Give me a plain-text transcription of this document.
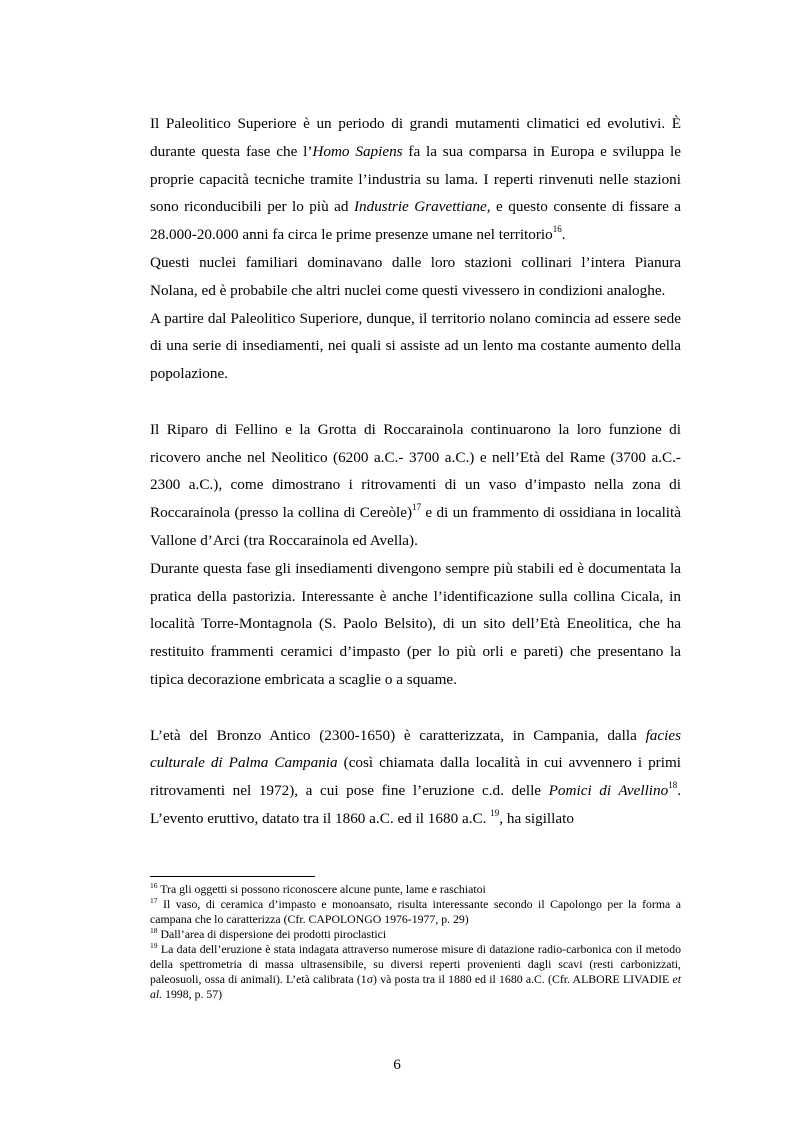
Il Paleolitico Superiore è un periodo di grandi mutamenti climatici ed evolutivi. È durante questa fase che l’Homo Sapiens fa la sua comparsa in Europa e sviluppa le proprie capacità tecniche tramite l’industria su lama. I reperti rinvenuti nelle stazioni sono riconducibili per lo più ad Industrie Gravettiane, e questo consente di fissare a 28.000-20.000 anni fa circa le prime presenze umane nel territorio$^{16}$.

Questi nuclei familiari dominavano dalle loro stazioni collinari l’intera Pianura Nolana, ed è probabile che altri nuclei come questi vivessero in condizioni analoghe.

A partire dal Paleolitico Superiore, dunque, il territorio nolano comincia ad essere sede di una serie di insediamenti, nei quali si assiste ad un lento ma costante aumento della popolazione.

Il Riparo di Fellino e la Grotta di Roccarainola continuarono la loro funzione di ricovero anche nel Neolitico (6200 a.C.- 3700 a.C.) e nell’Età del Rame (3700 a.C.- 2300 a.C.), come dimostrano i ritrovamenti di un vaso d’impasto nella zona di Roccarainola (presso la collina di Cereòle)$^{17}$ e di un frammento di ossidiana in località Vallone d’Arci (tra Roccarainola ed Avella).

Durante questa fase gli insediamenti divengono sempre più stabili ed è documentata la pratica della pastorizia. Interessante è anche l’identificazione sulla collina Cicala, in località Torre-Montagnola (S. Paolo Belsito), di un sito dell’Età Eneolitica, che ha restituito frammenti ceramici d’impasto (per lo più orli e pareti) che presentano la tipica decorazione embricata a scaglie o a squame.

L’età del Bronzo Antico (2300-1650) è caratterizzata, in Campania, dalla facies culturale di Palma Campania (così chiamata dalla località in cui avvennero i primi ritrovamenti nel 1972), a cui pose fine l’eruzione c.d. delle Pomici di Avellino$^{18}$. L’evento eruttivo, datato tra il 1860 a.C. ed il 1680 a.C. $^{19}$, ha sigillato

$^{16}$ Tra gli oggetti si possono riconoscere alcune punte, lame e raschiatoi

$^{17}$ Il vaso, di ceramica d’impasto e monoansato, risulta interessante secondo il Capolongo per la forma a campana che lo caratterizza (Cfr. CAPOLONGO 1976-1977, p. 29)

$^{18}$ Dall’area di dispersione dei prodotti piroclastici

$^{19}$ La data dell’eruzione è stata indagata attraverso numerose misure di datazione radio-carbonica con il metodo della spettrometria di massa ultrasensibile, su diversi reperti provenienti dagli scavi (resti carbonizzati, paleosuoli, ossa di animali). L’età calibrata (1σ) và posta tra il 1880 ed il 1680 a.C. (Cfr. ALBORE LIVADIE et al. 1998, p. 57)

6
